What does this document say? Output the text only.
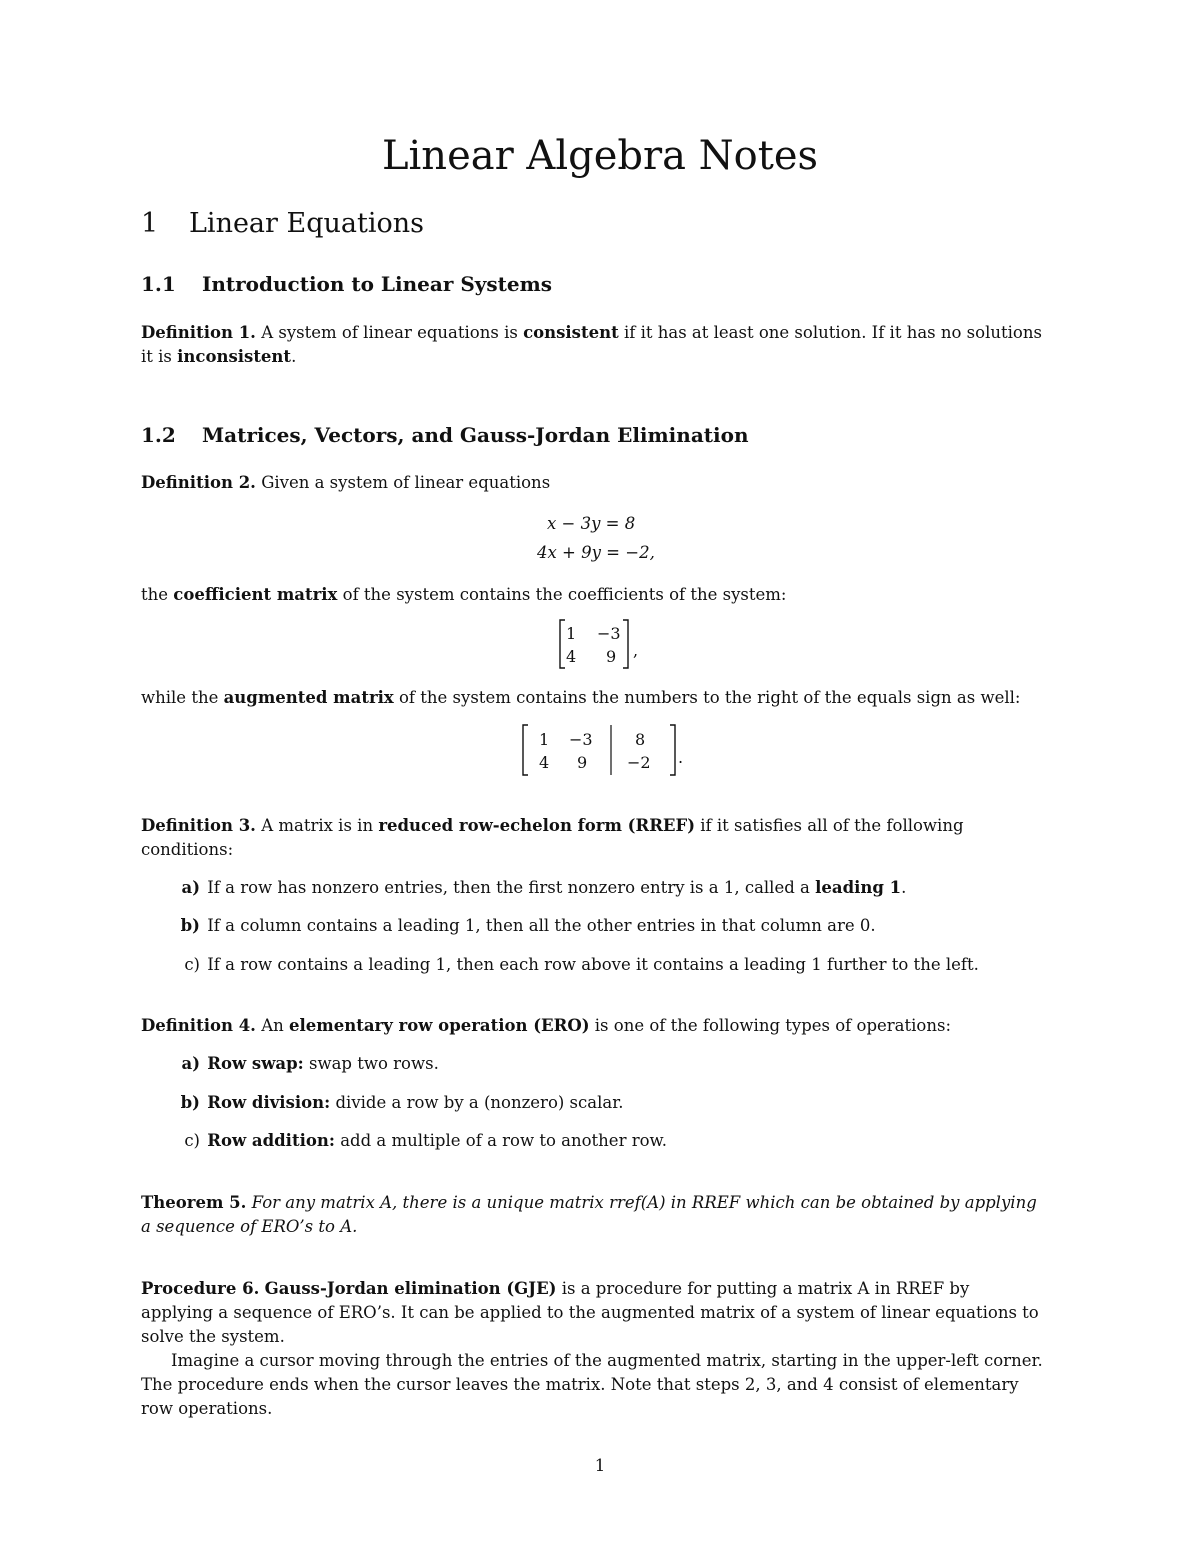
Linear Algebra Notes
1 Linear Equations
1.1 Introduction to Linear Systems
Definition 1. A system of linear equations is consistent if it has at least one solution. If it has no solutions
it is inconsistent.
1.2 Matrices, Vectors, and Gauss-Jordan Elimination
Definition 2. Given a system of linear equations
x − 3y = 8
4x + 9y = −2,
the coefficient matrix of the system contains the coefficients of the system:
1 −3
4 9 ,
while the augmented matrix of the system contains the numbers to the right of the equals sign as well:
1 −3
4 9
8
−2 .
Definition 3. A matrix is in reduced row-echelon form (RREF) if it satisfies all of the following
conditions:
a) If a row has nonzero entries, then the first nonzero entry is a 1, called a leading 1.
b) If a column contains a leading 1, then all the other entries in that column are 0.
c) If a row contains a leading 1, then each row above it contains a leading 1 further to the left.
Definition 4. An elementary row operation (ERO) is one of the following types of operations:
a) Row swap: swap two rows.
b) Row division: divide a row by a (nonzero) scalar.
c) Row addition: add a multiple of a row to another row.
Theorem 5. For any matrix A, there is a unique matrix rref(A) in RREF which can be obtained by applying
a sequence of ERO’s to A.
Procedure 6. Gauss-Jordan elimination (GJE) is a procedure for putting a matrix A in RREF by
applying a sequence of ERO’s. It can be applied to the augmented matrix of a system of linear equations to
solve the system.
Imagine a cursor moving through the entries of the augmented matrix, starting in the upper-left corner.
The procedure ends when the cursor leaves the matrix. Note that steps 2, 3, and 4 consist of elementary
row operations.
1
